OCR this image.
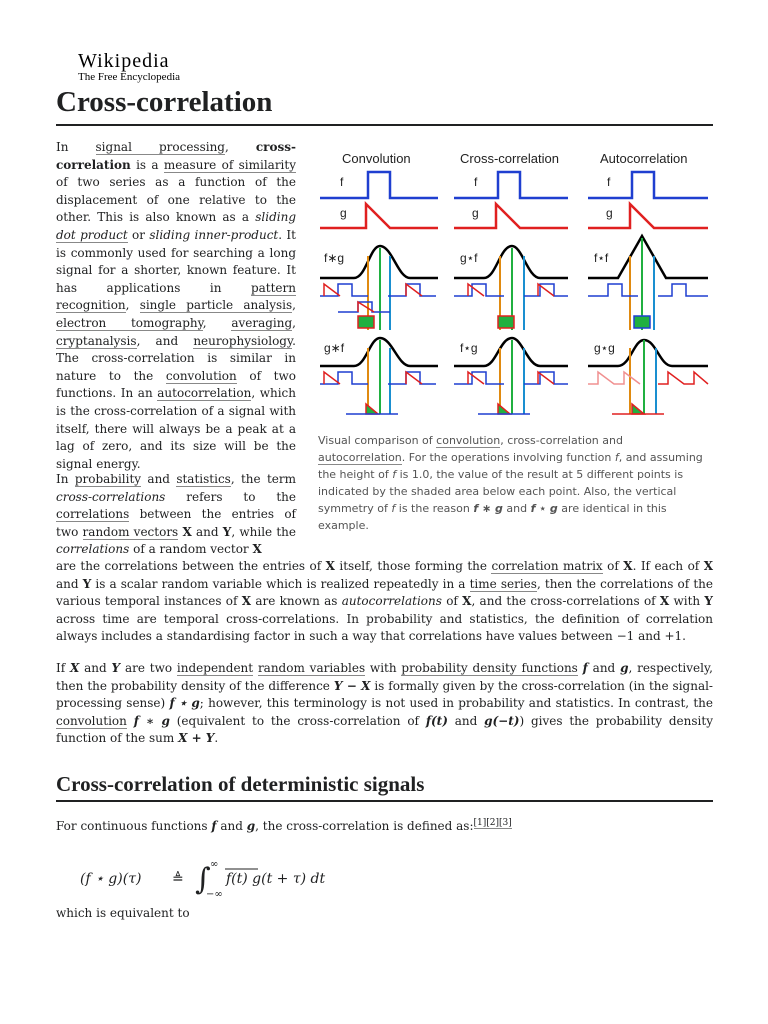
Wikipedia
The Free Encyclopedia
Cross-correlation

In signal processing, cross-correlation is a measure of similarity of two series as a function of the displacement of one relative to the other. This is also known as a sliding dot product or sliding inner-product. It is commonly used for searching a long signal for a shorter, known feature. It has applications in pattern recognition, single particle analysis, electron tomography, averaging, cryptanalysis, and neurophysiology. The cross-correlation is similar in nature to the convolution of two functions. In an autocorrelation, which is the cross-correlation of a signal with itself, there will always be a peak at a lag of zero, and its size will be the signal energy.

In probability and statistics, the term cross-correlations refers to the correlations between the entries of two random vectors X and Y, while the correlations of a random vector X

are the correlations between the entries of X itself, those forming the correlation matrix of X. If each of X and Y is a scalar random variable which is realized repeatedly in a time series, then the correlations of the various temporal instances of X are known as autocorrelations of X, and the cross-correlations of X with Y across time are temporal cross-correlations. In probability and statistics, the definition of correlation always includes a standardising factor in such a way that correlations have values between −1 and +1.

If X and Y are two independent random variables with probability density functions f and g, respectively, then the probability density of the difference Y − X is formally given by the cross-correlation (in the signal-processing sense) f ⋆ g; however, this terminology is not used in probability and statistics. In contrast, the convolution f ∗ g (equivalent to the cross-correlation of f(t) and g(−t)) gives the probability density function of the sum X + Y.

Cross-correlation of deterministic signals

For continuous functions f and g, the cross-correlation is defined as:[1][2][3]

(f ⋆ g)(τ) ≜ ∫ ∞
−∞
f(t) g(t + τ) dt

which is equivalent to

Convolution	Cross-correlation	Autocorrelation
f	f	f
g	g	g
f∗g	g⋆f	f⋆f
g∗f	f⋆g	g⋆g

Visual comparison of convolution, cross-correlation and autocorrelation. For the operations involving function f, and assuming the height of f is 1.0, the value of the result at 5 different points is indicated by the shaded area below each point. Also, the vertical symmetry of f is the reason f ∗ g and f ⋆ g are identical in this example.
